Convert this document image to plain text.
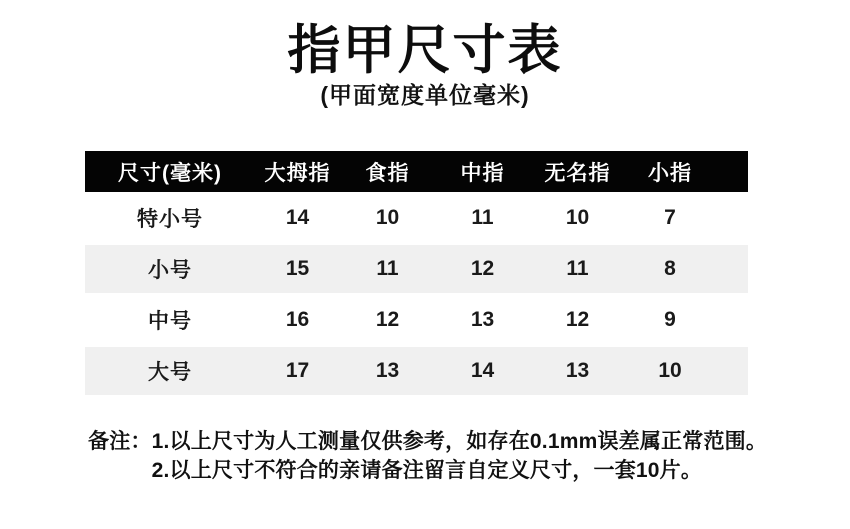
指甲尺寸表
(甲面宽度单位毫米)
尺寸(毫米)	大拇指	食指	中指	无名指	小指
特小号	14	10	11	10	7
小号	15	11	12	11	8
中号	16	12	13	12	9
大号	17	13	14	13	10
备注： 1.以上尺寸为人工测量仅供参考，如存在0.1mm误差属正常范围。
2.以上尺寸不符合的亲请备注留言自定义尺寸，一套10片。
